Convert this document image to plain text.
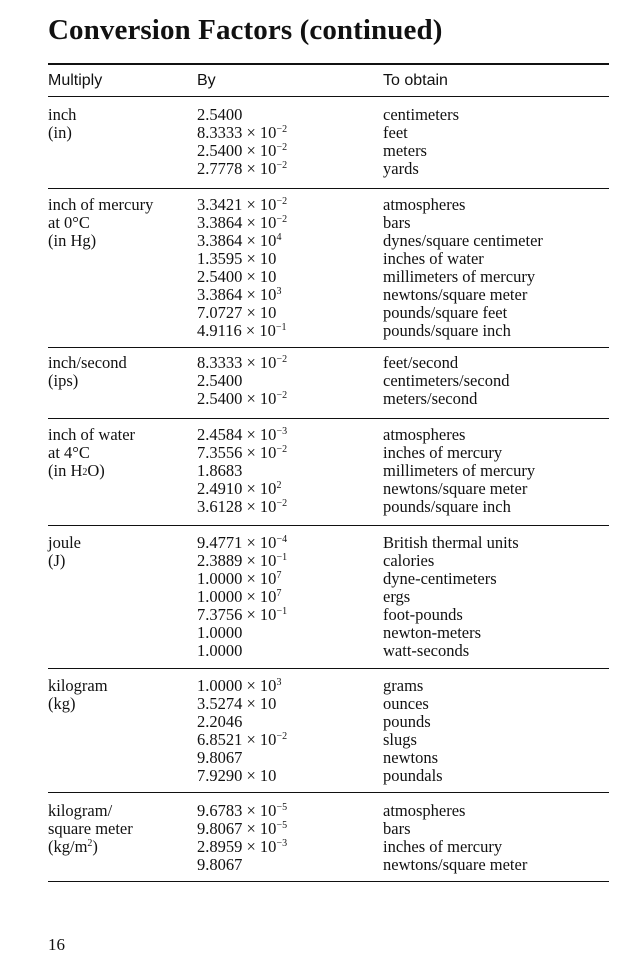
Conversion Factors (continued)
Multiply	By	To obtain
inch
(in)
2.5400	centimeters
$8.3333 \times 10^{-2}$	feet
$2.5400 \times 10^{-2}$	meters
$2.7778 \times 10^{-2}$	yards
inch of mercury
at 0°C
(in Hg)
$3.3421 \times 10^{-2}$	atmospheres
$3.3864 \times 10^{-2}$	bars
$3.3864 \times 10^4$	dynes/square centimeter
1.3595 × 10	inches of water
2.5400 × 10	millimeters of mercury
$3.3864 \times 10^3$	newtons/square meter
7.0727 × 10	pounds/square feet
$4.9116 \times 10^{-1}$	pounds/square inch
inch/second
(ips)
$8.3333 \times 10^{-2}$	feet/second
2.5400	centimeters/second
$2.5400 \times 10^{-2}$	meters/second
inch of water
at 4°C
(in H2O)
$2.4584 \times 10^{-3}$	atmospheres
$7.3556 \times 10^{-2}$	inches of mercury
1.8683	millimeters of mercury
$2.4910 \times 10^2$	newtons/square meter
$3.6128 \times 10^{-2}$	pounds/square inch
joule
(J)
$9.4771 \times 10^{-4}$	British thermal units
$2.3889 \times 10^{-1}$	calories
$1.0000 \times 10^7$	dyne-centimeters
$1.0000 \times 10^7$	ergs
$7.3756 \times 10^{-1}$	foot-pounds
1.0000	newton-meters
1.0000	watt-seconds
kilogram
(kg)
$1.0000 \times 10^3$	grams
3.5274 × 10	ounces
2.2046	pounds
$6.8521 \times 10^{-2}$	slugs
9.8067	newtons
7.9290 × 10	poundals
kilogram/
square meter
$(kg/m^2)$
$9.6783 \times 10^{-5}$	atmospheres
$9.8067 \times 10^{-5}$	bars
$2.8959 \times 10^{-3}$	inches of mercury
9.8067	newtons/square meter
16
